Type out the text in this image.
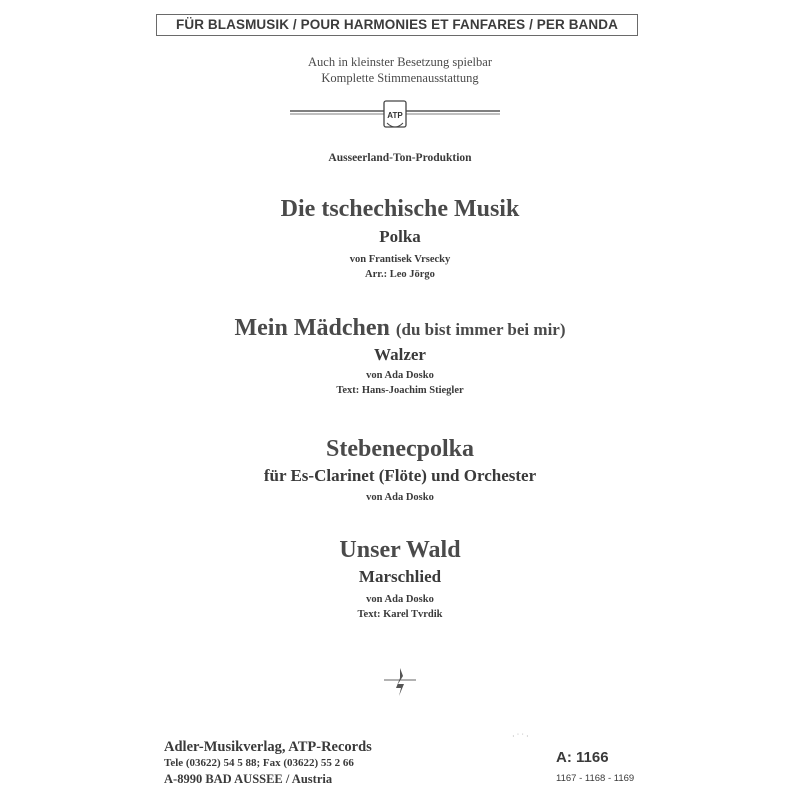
FÜR BLASMUSIK / POUR HARMONIES ET FANFARES / PER BANDA
Auch in kleinster Besetzung spielbar
Komplette Stimmenausstattung
ATP
Ausseerland-Ton-Produktion
Die tschechische Musik
Polka
von Frantisek Vrsecky
Arr.: Leo Jörgo
Mein Mädchen (du bist immer bei mir)
Walzer
von Ada Dosko
Text: Hans-Joachim Stiegler
Stebenecpolka
für Es-Clarinet (Flöte) und Orchester
von Ada Dosko
Unser Wald
Marschlied
von Ada Dosko
Text: Karel Tvrdik
· ˙ ˙ ·
Adler-Musikverlag, ATP-Records
Tele (03622) 54 5 88; Fax (03622) 55 2 66
A-8990 BAD AUSSEE / Austria
A: 1166
1167 - 1168 - 1169
